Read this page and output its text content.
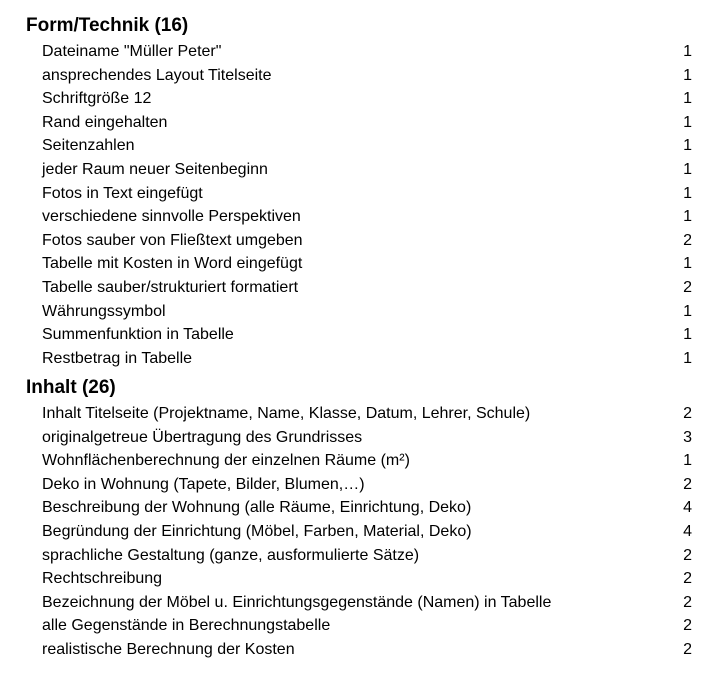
Form/Technik (16)
Dateiname "Müller Peter"	1
ansprechendes Layout Titelseite	1
Schriftgröße 12	1
Rand eingehalten	1
Seitenzahlen	1
jeder Raum neuer Seitenbeginn	1
Fotos in Text eingefügt	1
verschiedene sinnvolle Perspektiven	1
Fotos sauber von Fließtext umgeben	2
Tabelle mit Kosten in Word eingefügt	1
Tabelle sauber/strukturiert formatiert	2
Währungssymbol	1
Summenfunktion in Tabelle	1
Restbetrag in Tabelle	1
Inhalt (26)
Inhalt Titelseite (Projektname, Name, Klasse, Datum, Lehrer, Schule)	2
originalgetreue Übertragung des Grundrisses	3
Wohnflächenberechnung der einzelnen Räume (m²)	1
Deko in Wohnung (Tapete, Bilder, Blumen,…)	2
Beschreibung der Wohnung (alle Räume, Einrichtung, Deko)	4
Begründung der Einrichtung (Möbel, Farben, Material, Deko)	4
sprachliche Gestaltung (ganze, ausformulierte Sätze)	2
Rechtschreibung	2
Bezeichnung der Möbel u. Einrichtungsgegenstände (Namen) in Tabelle	2
alle Gegenstände in Berechnungstabelle	2
realistische Berechnung der Kosten	2
